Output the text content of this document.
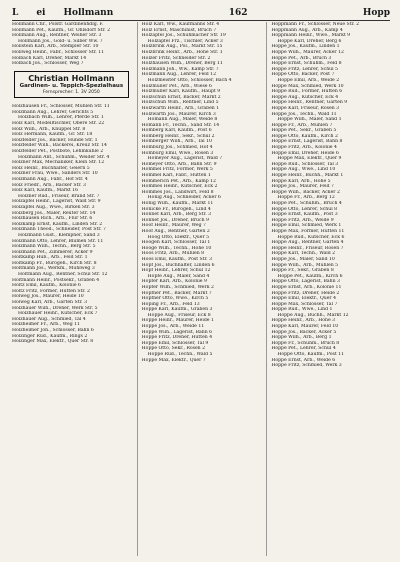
L ei Hollmann	162	Hopp
Hollmann Chr., Polstr. Gardinenhdlg. F.
Hollmann Pet., Kaufm., Gr. Ohlsdorf Str. 2
Hollmann Aug., Rentner, Weiher Str. 3
Hollmann Jos., Gold- u. Silber Ww. 7
Hollstein Karl, Arb., Stempler Str. 10
Hollweg Heinr., Fabr., Schlosser Str. 11
Holbach Karl, Dreher, Markt 14
Holbach Jos., Schlosser, Weg 7
Christian Hollmann
Gardinen- u. Teppich-Spezialhaus
Fernsprecher: 1. 3V 2050
Holzhausen Fr., Schlosser, Mühlen Str. 11
Holzmann Aug., Lehrer, Gerichts 5
Holzbach Wilh., Lehrer, Pferde Str. 1
Holz Karl, Modelltischler, Obere Str. 22
Holz Wilh., Arb., Knüppel Str. 8
Holz Hermann, Kaufm., Gr. Str. 18
Holzfelder Jos., Bäcker, Hunde Str. 1
Holzfelder Wilh., Bäckerei, Kreuz Str. 14
Holzfelder Pet., Postbote, Lehmkuhle 2
Holzmann Ant., Schuhm., Weider Str. 4
Holzner Max, Mechaniker, Klein Str. 12
Holz Heinr., Buchhalter, Geiern 5
Holzner Frau, Wwe., Sanders Str. 10
Holzmann Aug., Fabr., Hof Str. 4
Holz Friedr., Arb., Bäcker Str. 3
Holz Karl, Kaufm., Markt 16
Holzner Rud., Friseur, Brand Str. 7
Holzapfel Heinr., Lagerist, Wald Str. 9
Holzapfel Aug., Wwe., Birken Str. 3
Holzberg Jos., Maler, Reuter Str. 14
Holzhausen Rich., Arb., Flur Str. 6
Holzkamp Ernst, Kaufm., Linden Str. 2
Holzmann Theod., Schneider, Post Str. 7
Holzmann Gust., Klempner, Sand 3
Holzmann Otto, Lehrer, Blumen Str. 11
Holzmann Wilh., Techn., Berg Str. 5
Holzmann Pet., Zimmerer, Acker 9
Holtkamp Hub., Arb., Feld Str. 1
Holtkamp Fr., Bürogeh., Kirch Str. 8
Holtmann Jos., Werkm., Mühlweg 3
Holtmann Aug., Rentner, Schul Str. 12
Holtmann Heinr., Postsekr., Graben 4
Holtz Emil, Kaufm., Kolonie 6
Holtz Fritz, Former, Hütten Str. 2
Holweg Jos., Maurer, Heide 10
Holweg Karl, Arb., Garten Str. 3
Holzhauer Wilh., Dreher, Werk Str. 5
Holzhauer Heinr., Kutscher, Eck 7
Holzhauer Aug., Schmied, Tal 4
Holzheimer Fr., Arb., Weg 11
Holzheimer Joh., Schlosser, Bahn 6
Holzinger Rud., Kaufm., Rings 2
Holzinger Max, Elektr., Quer Str. 8
Holz Karl, Ww., Kaufmanns Str. 4
Holz Ernst, Maschinist, Bruch 7
Holzapfel Jos., Schuhmacher Str. 19
Holzapfel Frz., Tischler, Acker 3
Holzbrink Aug., Pol., Markt Str. 15
Holzbrink Heinr., Arb., Hohe Str. 1
Holzer Fritz, Schneider Str. 2
Holzhausen Wilh., Dreher, Berg 11
Holzmann Joh., Ww., Kamp Str. 7
Holzmann Aug., Lehrer, Feld 12
Holzmeister Otto, Schlosser, Bach 4
Holzmüller Pet., Arb., Wiese 6
Holzmüller Karl, Kaufm., Haupt 9
Holzschuh Ernst, Bäcker, Markt 2
Holzschuh Wilh., Rentner, Lind 5
Holzwarth Heinr., Arb., Graben 1
Holzwarth Jos., Maurer, Kirch 3
Homann Aug., Maler, Weide 8
Homann Fr., Techn., Sand Str. 14
Homberg Karl, Kaufm., Post 6
Homberg Heinr., Sekr., Schul 2
Homberger Wilh., Arb., Tal 10
Homburg Jos., Schmied, Hof 4
Homburg Emil, Wwe., Rosen 3
Homeyer Aug., Lagerist, Wald 7
Homeyer Otto, Arb., Bahn Str. 9
Hommel Fritz, Former, Werk 5
Hommel Karl, Fabr., Hütten 1
Hommerich Pet., Arb., Kamp 12
Hommes Heinr., Kutscher, Eck 2
Hommes Jos., Landwirt, Feld 8
Hönig Aug., Schneider, Acker 6
Hönig Wilh., Kaufm., Markt 11
Hönicke Fr., Bürogeh., Lind 4
Honnef Karl, Arb., Berg Str. 3
Honnef Jos., Dreher, Bruch 9
Hoof Heinr., Maurer, Weg 7
Hoof Aug., Rentner, Garten 2
Hoog Otto, Elektr., Quer 5
Hoogen Karl, Schlosser, Tal 1
Hooge Wilh., Techn., Hohe 10
Hoos Fritz, Arb., Mühlen 8
Hoos Emil, Kaufm., Post Str. 3
Hopf Jos., Buchhalter, Linden 6
Hopf Heinr., Lehrer, Schul 12
Hopfe Aug., Maler, Sand 4
Hopfer Karl, Arb., Kolonie 9
Hopfer Wilh., Schmied, Werk 2
Hopfner Pet., Bäcker, Markt 7
Hopfner Otto, Wwe., Kirch 5
Hoping Fr., Arb., Feld 13
Hoppe Karl, Kaufm., Graben 3
Hoppe Aug., Friseur, Eck 8
Hoppe Heinr., Maurer, Heide 1
Hoppe Jos., Arb., Weide 11
Hoppe Wilh., Lagerist, Bahn 6
Hoppe Fritz, Dreher, Hütten 4
Hoppe Emil, Schlosser, Tal 9
Hoppe Otto, Sekr., Rosen 2
Hoppe Rud., Techn., Wald 5
Hoppe Max, Elektr., Quer 7
Hoppmann Fr., Schlosser, Neue Str. 2
Hoppmann Aug., Arb., Kamp 4
Hoppmann Heinr., Wwe., Markt 9
Hoppe Karl, Dreher, Berg 6
Hoppe Jos., Kaufm., Linden 1
Hoppe Wilh., Maurer, Acker 12
Hoppe Pet., Arb., Bruch 3
Hoppe Ernst, Schuhm., Feld 8
Hoppe Fritz, Lehrer, Schul 5
Hoppe Otto, Bäcker, Post 7
Hoppe Emil, Arb., Weide 2
Hoppe Max, Schmied, Werk 10
Hoppe Rud., Former, Hütten 6
Hoppe Aug., Kutscher, Eck 4
Hoppe Heinr., Rentner, Garten 9
Hoppe Karl, Friseur, Rosen 3
Hoppe Jos., Techn., Wald 11
Hoppe Wilh., Maler, Sand 1
Hoppe Fr., Arb., Mühlen 7
Hoppe Pet., Sekr., Graben 5
Hoppe Otto, Kaufm., Kirch 2
Hoppe Ernst, Lagerist, Bahn 8
Hoppe Fritz, Arb., Kolonie 4
Hoppe Emil, Dreher, Heide 6
Hoppe Max, Elektr., Quer 9
Hoppe Rud., Schlosser, Tal 3
Hoppe Aug., Wwe., Lind 10
Hoppe Heinr., Buchh., Markt 1
Hoppe Karl, Arb., Hohe 5
Hoppe Jos., Maurer, Feld 7
Hoppe Wilh., Bäcker, Acker 2
Hoppe Fr., Arb., Berg 12
Hoppe Pet., Schuhm., Bruch 4
Hoppe Otto, Lehrer, Schul 8
Hoppe Ernst, Kaufm., Post 3
Hoppe Fritz, Arb., Weide 9
Hoppe Emil, Schmied, Werk 1
Hoppe Max, Former, Hütten 11
Hoppe Rud., Kutscher, Eck 6
Hoppe Aug., Rentner, Garten 4
Hoppe Heinr., Friseur, Rosen 7
Hoppe Karl, Techn., Wald 2
Hoppe Jos., Maler, Sand 10
Hoppe Wilh., Arb., Mühlen 5
Hoppe Fr., Sekr., Graben 8
Hoppe Pet., Kaufm., Kirch 6
Hoppe Otto, Lagerist, Bahn 3
Hoppe Ernst, Arb., Kolonie 11
Hoppe Fritz, Dreher, Heide 2
Hoppe Emil, Elektr., Quer 4
Hoppe Max, Schlosser, Tal 7
Hoppe Rud., Wwe., Lind 1
Hoppe Aug., Buchh., Markt 12
Hoppe Heinr., Arb., Hohe 3
Hoppe Karl, Maurer, Feld 10
Hoppe Jos., Bäcker, Acker 5
Hoppe Wilh., Arb., Berg 1
Hoppe Fr., Schuhm., Bruch 8
Hoppe Pet., Lehrer, Schul 4
Hoppe Otto, Kaufm., Post 11
Hoppe Ernst, Arb., Weide 6
Hoppe Fritz, Schmied, Werk 3
